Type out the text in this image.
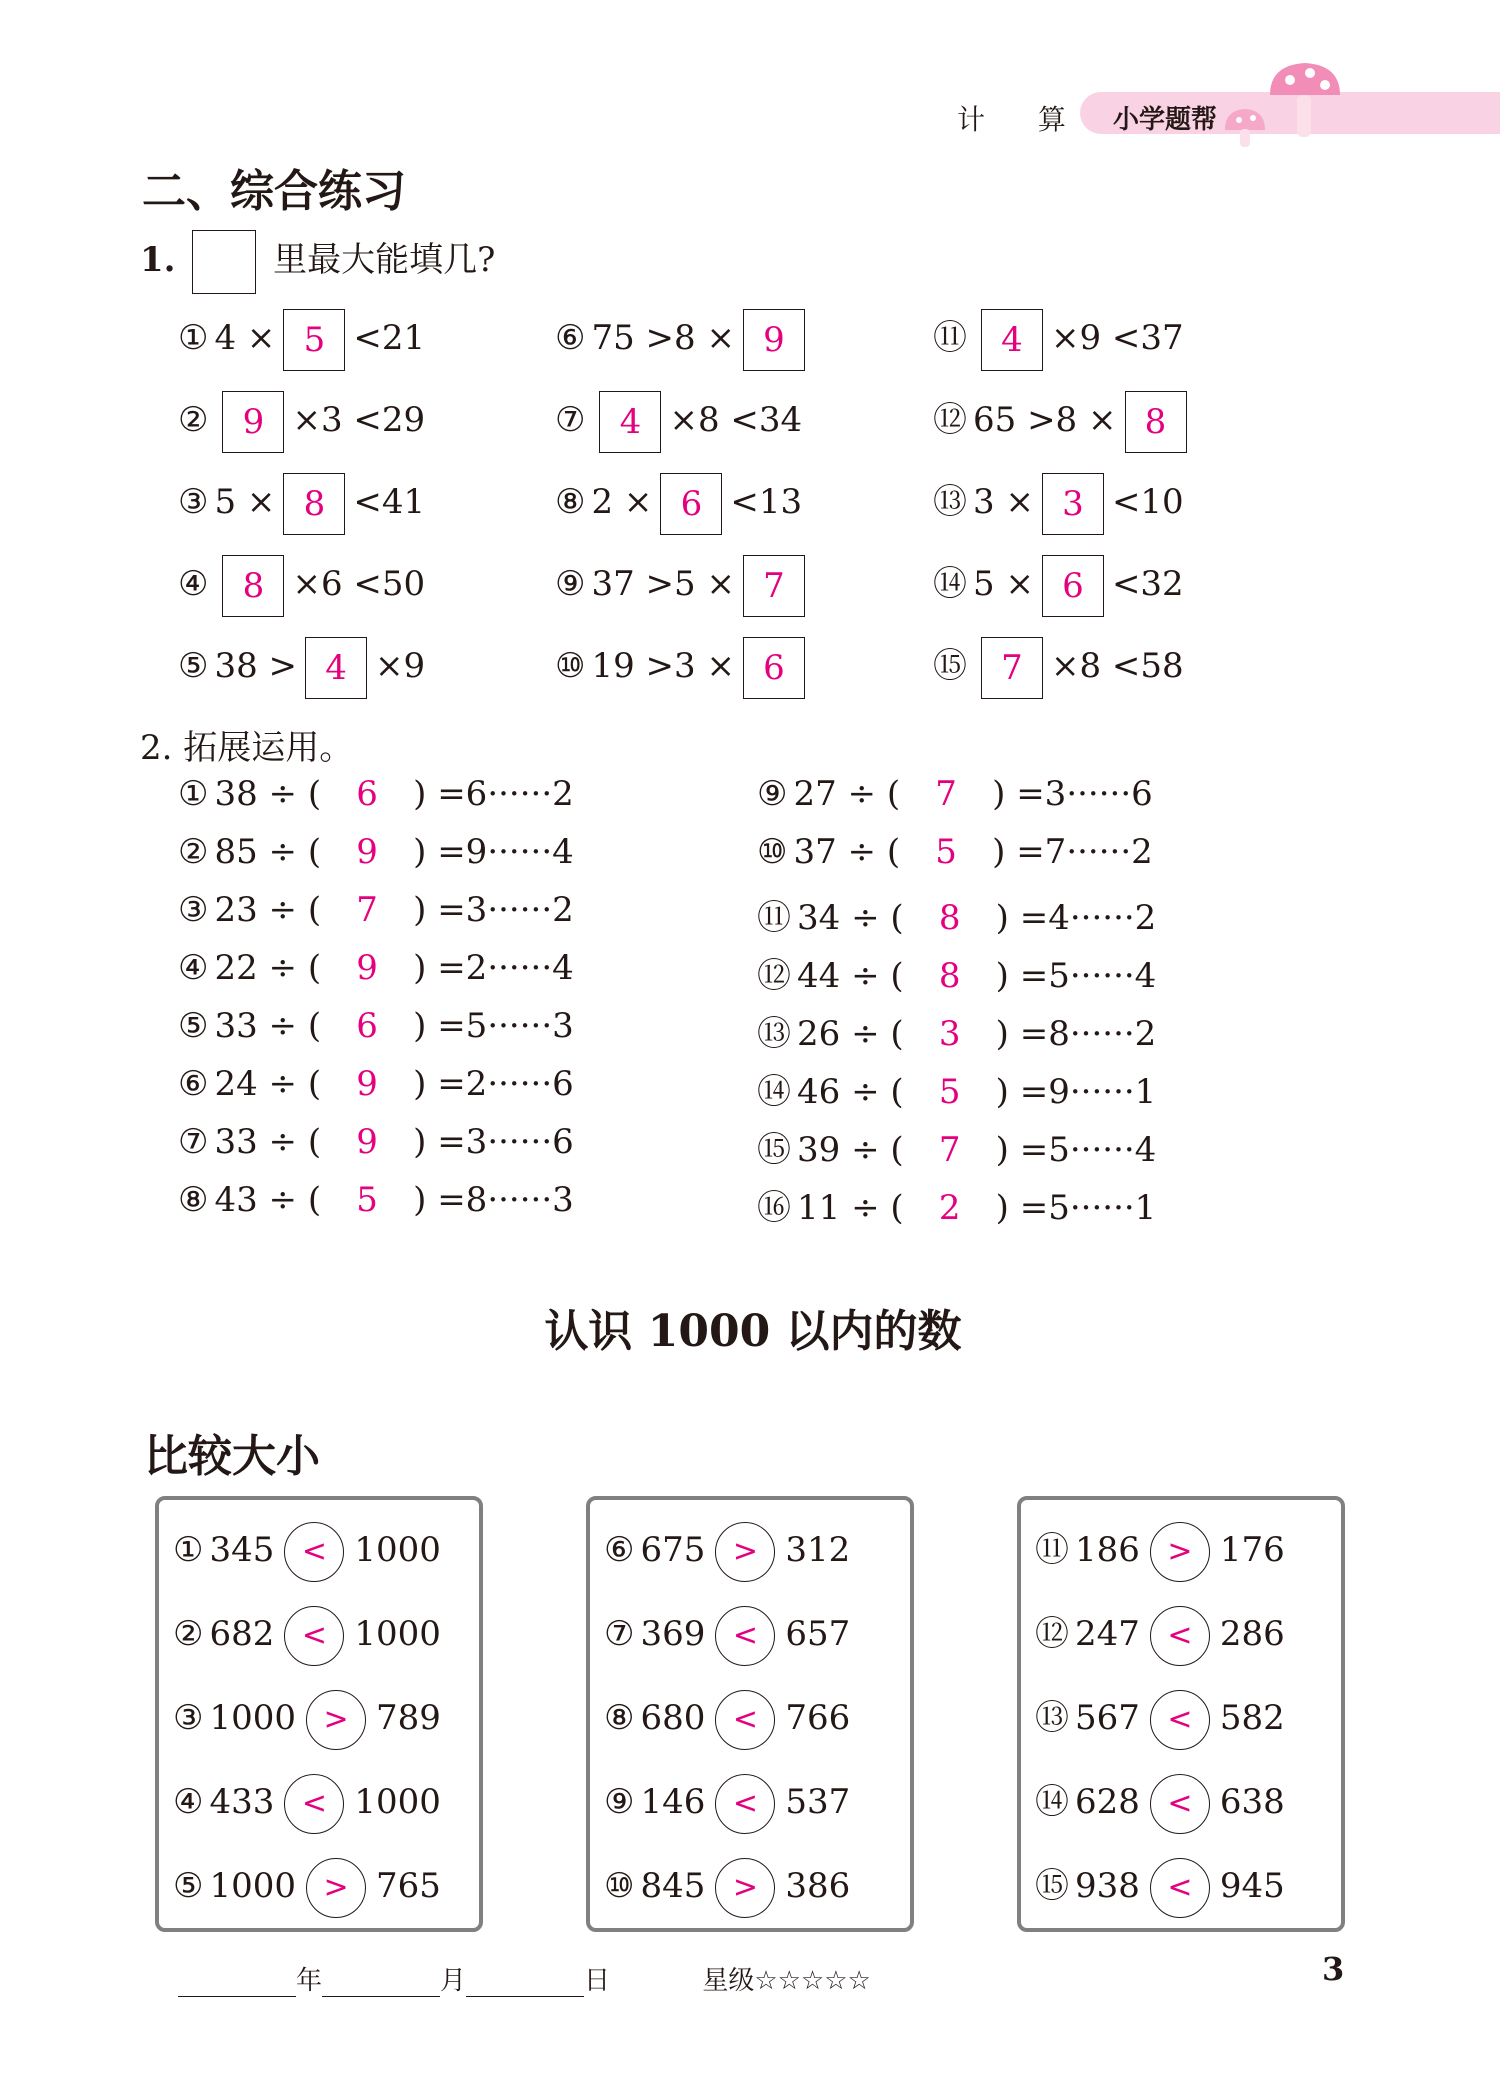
计 算 小学题帮
二、综合练习
1.	里最大能填几?
① 4 × 5 <21
② 9 ×3 <29
③ 5 × 8 <41
④ 8 ×6 <50
⑤ 38 > 4 ×9
⑥ 75 >8 × 9
⑦ 4 ×8 <34
⑧ 2 × 6 <13
⑨ 37 >5 × 7
⑩ 19 >3 × 6
⑪ 4 ×9 <37
⑫ 65 >8 × 8
⑬ 3 × 3 <10
⑭ 5 × 6 <32
⑮ 7 ×8 <58
2. 拓展运用。
① 38 ÷ ( 6 ) =6······2
② 85 ÷ ( 9 ) =9······4
③ 23 ÷ ( 7 ) =3······2
④ 22 ÷ ( 9 ) =2······4
⑤ 33 ÷ ( 6 ) =5······3
⑥ 24 ÷ ( 9 ) =2······6
⑦ 33 ÷ ( 9 ) =3······6
⑧ 43 ÷ ( 5 ) =8······3
⑨ 27 ÷ ( 7 ) =3······6
⑩ 37 ÷ ( 5 ) =7······2
⑪ 34 ÷ ( 8 ) =4······2
⑫ 44 ÷ ( 8 ) =5······4
⑬ 26 ÷ ( 3 ) =8······2
⑭ 46 ÷ ( 5 ) =9······1
⑮ 39 ÷ ( 7 ) =5······4
⑯ 11 ÷ ( 2 ) =5······1
认识 1000 以内的数
比较大小
① 345 < 1000
② 682 < 1000
③ 1000 > 789
④ 433 < 1000
⑤ 1000 > 765
⑥ 675 > 312
⑦ 369 < 657
⑧ 680 < 766
⑨ 146 < 537
⑩ 845 > 386
⑪ 186 > 176
⑫ 247 < 286
⑬ 567 < 582
⑭ 628 < 638
⑮ 938 < 945
年	月	日	星级☆☆☆☆☆	3
